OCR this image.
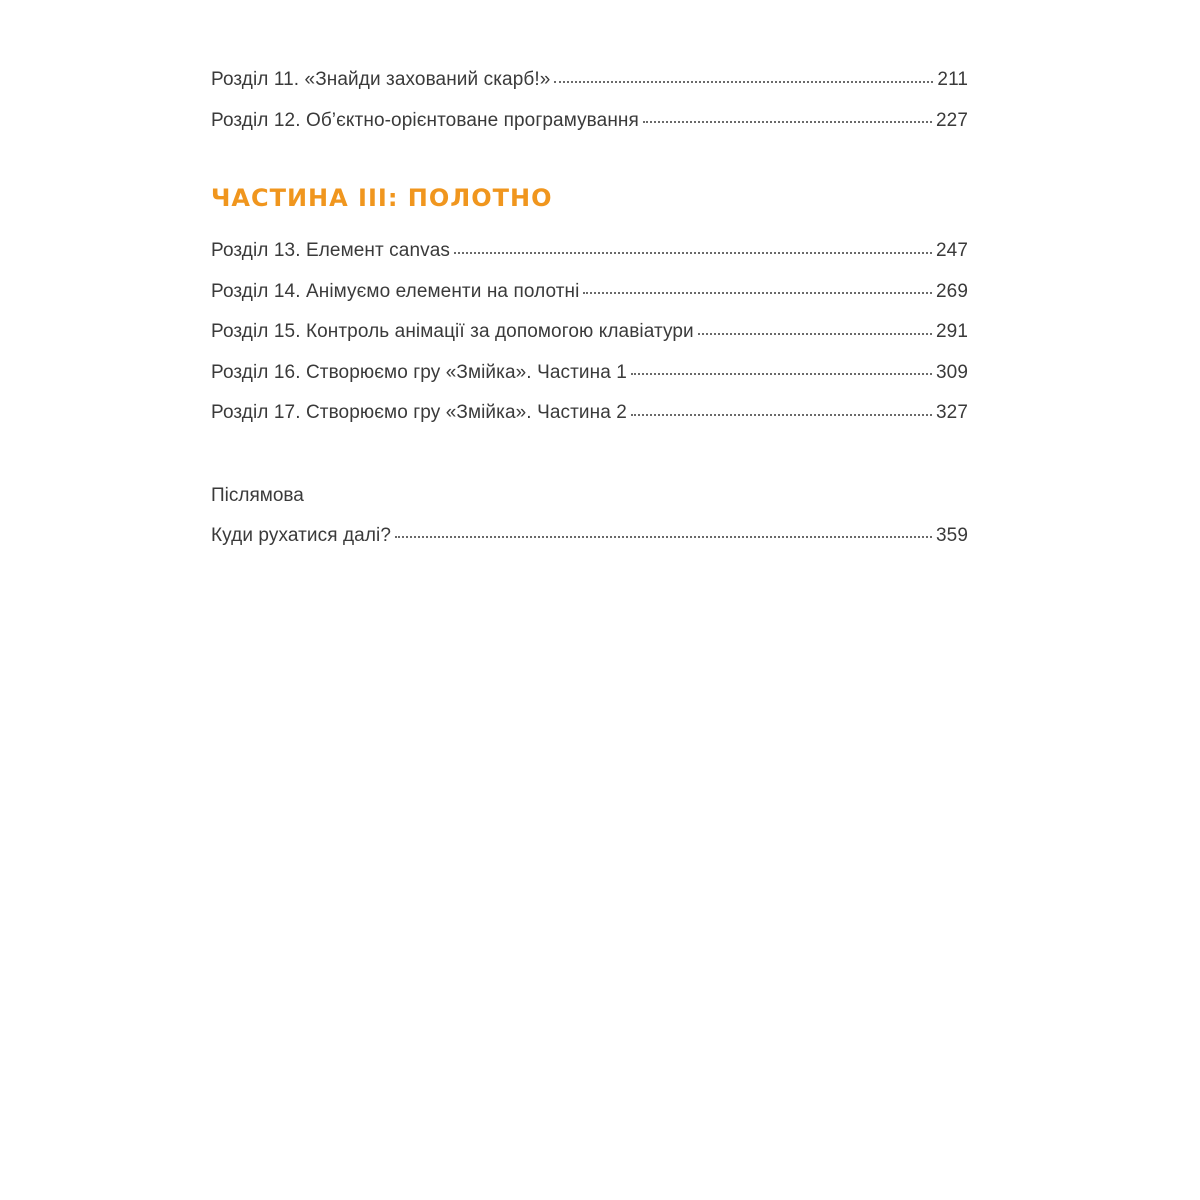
Розділ 11. «Знайди захований скарб!»	211
Розділ 12. Об’єктно-орієнтоване програмування	227
ЧАСТИНА III: ПОЛОТНО
Розділ 13. Елемент canvas	247
Розділ 14. Анімуємо елементи на полотні	269
Розділ 15. Контроль анімації за допомогою клавіатури	291
Розділ 16. Створюємо гру «Змійка». Частина 1	309
Розділ 17. Створюємо гру «Змійка». Частина 2	327
Післямова
Куди рухатися далі?	359
